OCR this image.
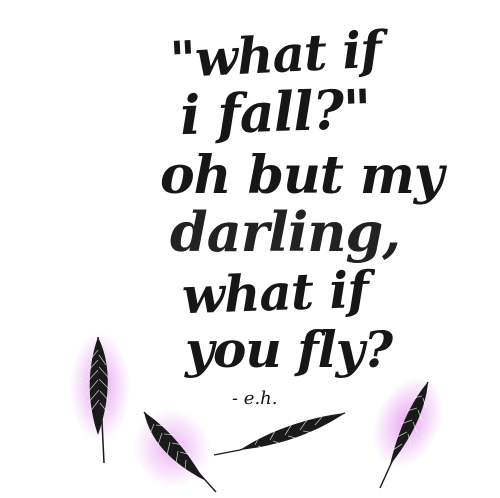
"what if
i fall?"
oh but my
darling,
what if
you fly?
- e.h.
